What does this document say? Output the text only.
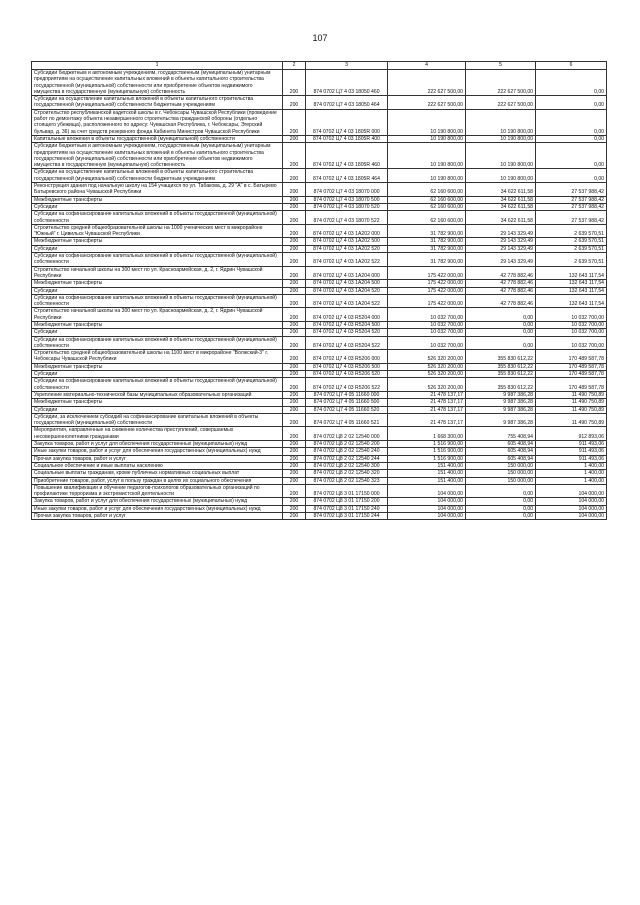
107
1	2	3	4	5	6
Субсидии бюджетным и автономным учреждениям, государственным (муниципальным) унитарным предприятиям на осуществление капитальных вложений в объекты капитального строительства государственной (муниципальной) собственности или приобретение объектов недвижимого имущества в государственную (муниципальную) собственность	200	874 0702 Ц7 4 03 18050 460	222 627 500,00	222 627 500,00	0,00
Субсидии на осуществление капитальных вложений в объекты капитального строительства государственной (муниципальной) собственности бюджетным учреждениям	200	874 0702 Ц7 4 03 18050 464	222 627 500,00	222 627 500,00	0,00
Строительство республиканской кадетской школы в г. Чебоксары Чувашской Республики (проведение работ по демонтажу объекта незавершенного строительства гражданской обороны (отдельно стоящего убежища), расположенного по адресу: Чувашская Республика, г. Чебоксары, Эгерский бульвар, д. 36) за счет средств резервного фонда Кабинета Министров Чувашской Республики	200	874 0702 Ц7 4 03 1805R 000	10 190 800,00	10 190 800,00	0,00
Капитальные вложения в объекты государственной (муниципальной) собственности	200	874 0702 Ц7 4 03 1805R 400	10 190 800,00	10 190 800,00	0,00
Субсидии бюджетным и автономным учреждениям, государственным (муниципальным) унитарным предприятиям на осуществление капитальных вложений в объекты капитального строительства государственной (муниципальной) собственности или приобретение объектов недвижимого имущества в государственную (муниципальную) собственность	200	874 0702 Ц7 4 03 1805R 460	10 190 800,00	10 190 800,00	0,00
Субсидии на осуществление капитальных вложений в объекты капитального строительства государственной (муниципальной) собственности бюджетным учреждениям	200	874 0702 Ц7 4 03 1805R 464	10 190 800,00	10 190 800,00	0,00
Реконструкция здания под начальную школу на 154 учащихся по ул. Табакова, д. 29 "А" в с. Батырево Батыревского района Чувашской Республики	200	874 0702 Ц7 4 03 18070 000	62 160 600,00	34 622 611,58	27 537 988,42
Межбюджетные трансферты	200	874 0702 Ц7 4 03 18070 500	62 160 600,00	34 622 611,58	27 537 988,42
Субсидии	200	874 0702 Ц7 4 03 18070 520	62 160 600,00	34 622 611,58	27 537 988,42
Субсидии на софинансирование капитальных вложений в объекты государственной (муниципальной) собственности	200	874 0702 Ц7 4 03 18070 522	62 160 600,00	34 622 611,58	27 537 988,42
Строительство средней общеобразовательной школы на 1000 ученических мест в микрорайоне "Южный" г. Цивильск Чувашской Республики	200	874 0702 Ц7 4 03 1А202 000	31 782 900,00	29 143 329,49	2 639 570,51
Межбюджетные трансферты	200	874 0702 Ц7 4 03 1А202 500	31 782 900,00	29 143 329,49	2 639 570,51
Субсидии	200	874 0702 Ц7 4 03 1А202 520	31 782 900,00	29 143 329,49	2 639 570,51
Субсидии на софинансирование капитальных вложений в объекты государственной (муниципальной) собственности	200	874 0702 Ц7 4 03 1А202 522	31 782 900,00	29 143 329,49	2 639 570,51
Строительство начальной школы на 300 мест по ул. Красноармейская, д. 2, г. Ядрин Чувашской Республики	200	874 0702 Ц7 4 03 1А204 000	175 422 000,00	42 778 882,46	132 643 117,54
Межбюджетные трансферты	200	874 0702 Ц7 4 03 1А204 500	175 422 000,00	42 778 882,46	132 643 117,54
Субсидии	200	874 0702 Ц7 4 03 1А204 520	175 422 000,00	42 778 882,46	132 643 117,54
Субсидии на софинансирование капитальных вложений в объекты государственной (муниципальной) собственности	200	874 0702 Ц7 4 03 1А204 522	175 422 000,00	42 778 882,46	132 643 117,54
Строительство начальной школы на 300 мест по ул. Красноармейская, д. 2, г. Ядрин Чувашской Республики	200	874 0702 Ц7 4 03 R5204 000	10 032 700,00	0,00	10 032 700,00
Межбюджетные трансферты	200	874 0702 Ц7 4 03 R5204 500	10 032 700,00	0,00	10 032 700,00
Субсидии	200	874 0702 Ц7 4 03 R5204 520	10 032 700,00	0,00	10 032 700,00
Субсидии на софинансирование капитальных вложений в объекты государственной (муниципальной) собственности	200	874 0702 Ц7 4 03 R5204 522	10 032 700,00	0,00	10 032 700,00
Строительство средней общеобразовательной школы на 1100 мест в микрорайоне "Волжский-3" г. Чебоксары Чувашской Республики	200	874 0702 Ц7 4 03 R5206 000	526 320 200,00	355 830 612,22	170 489 587,78
Межбюджетные трансферты	200	874 0702 Ц7 4 03 R5206 500	526 320 200,00	355 830 612,22	170 489 587,78
Субсидии	200	874 0702 Ц7 4 03 R5206 520	526 320 200,00	355 830 612,22	170 489 587,78
Субсидии на софинансирование капитальных вложений в объекты государственной (муниципальной) собственности	200	874 0702 Ц7 4 03 R5206 522	526 320 200,00	355 830 612,22	170 489 587,78
Укрепление материально-технической базы муниципальных образовательных организаций	200	874 0702 Ц7 4 05 11660 000	21 478 137,17	9 987 386,28	11 490 750,89
Межбюджетные трансферты	200	874 0702 Ц7 4 05 11660 500	21 478 137,17	9 987 386,28	11 490 750,89
Субсидии	200	874 0702 Ц7 4 05 11660 520	21 478 137,17	9 987 386,28	11 490 750,89
Субсидии, за исключением субсидий на софинансирование капитальных вложений в объекты государственной (муниципальной) собственности	200	874 0702 Ц7 4 05 11660 521	21 478 137,17	9 987 386,28	11 490 750,89
Мероприятия, направленные на снижение количества преступлений, совершаемых несовершеннолетними гражданами	200	874 0702 Ц8 2 02 12540 000	1 668 300,00	755 408,94	912 893,06
Закупка товаров, работ и услуг для обеспечения государственных (муниципальных) нужд	200	874 0702 Ц8 2 02 12540 200	1 516 900,00	605 408,94	911 493,06
Иные закупки товаров, работ и услуг для обеспечения государственных (муниципальных) нужд	200	874 0702 Ц8 2 02 12540 240	1 516 900,00	605 408,94	911 493,06
Прочая закупка товаров, работ и услуг	200	874 0702 Ц8 2 02 12540 244	1 516 900,00	605 408,94	911 493,06
Социальное обеспечение и иные выплаты населению	200	874 0702 Ц8 2 02 12540 300	151 400,00	150 000,00	1 400,00
Социальные выплаты гражданам, кроме публичных нормативных социальных выплат	200	874 0702 Ц8 2 02 12540 320	151 400,00	150 000,00	1 400,00
Приобретение товаров, работ, услуг в пользу граждан в целях их социального обеспечения	200	874 0702 Ц8 2 02 12540 323	151 400,00	150 000,00	1 400,00
Повышение квалификации и обучение педагогов-психологов образовательных организаций по профилактике терроризма и экстремистской деятельности	200	874 0702 Ц8 3 01 17150 000	104 000,00	0,00	104 000,00
Закупка товаров, работ и услуг для обеспечения государственных (муниципальных) нужд	200	874 0702 Ц8 3 01 17150 200	104 000,00	0,00	104 000,00
Иные закупки товаров, работ и услуг для обеспечения государственных (муниципальных) нужд	200	874 0702 Ц8 3 01 17150 240	104 000,00	0,00	104 000,00
Прочая закупка товаров, работ и услуг	200	874 0702 Ц8 3 01 17150 244	104 000,00	0,00	104 000,00
